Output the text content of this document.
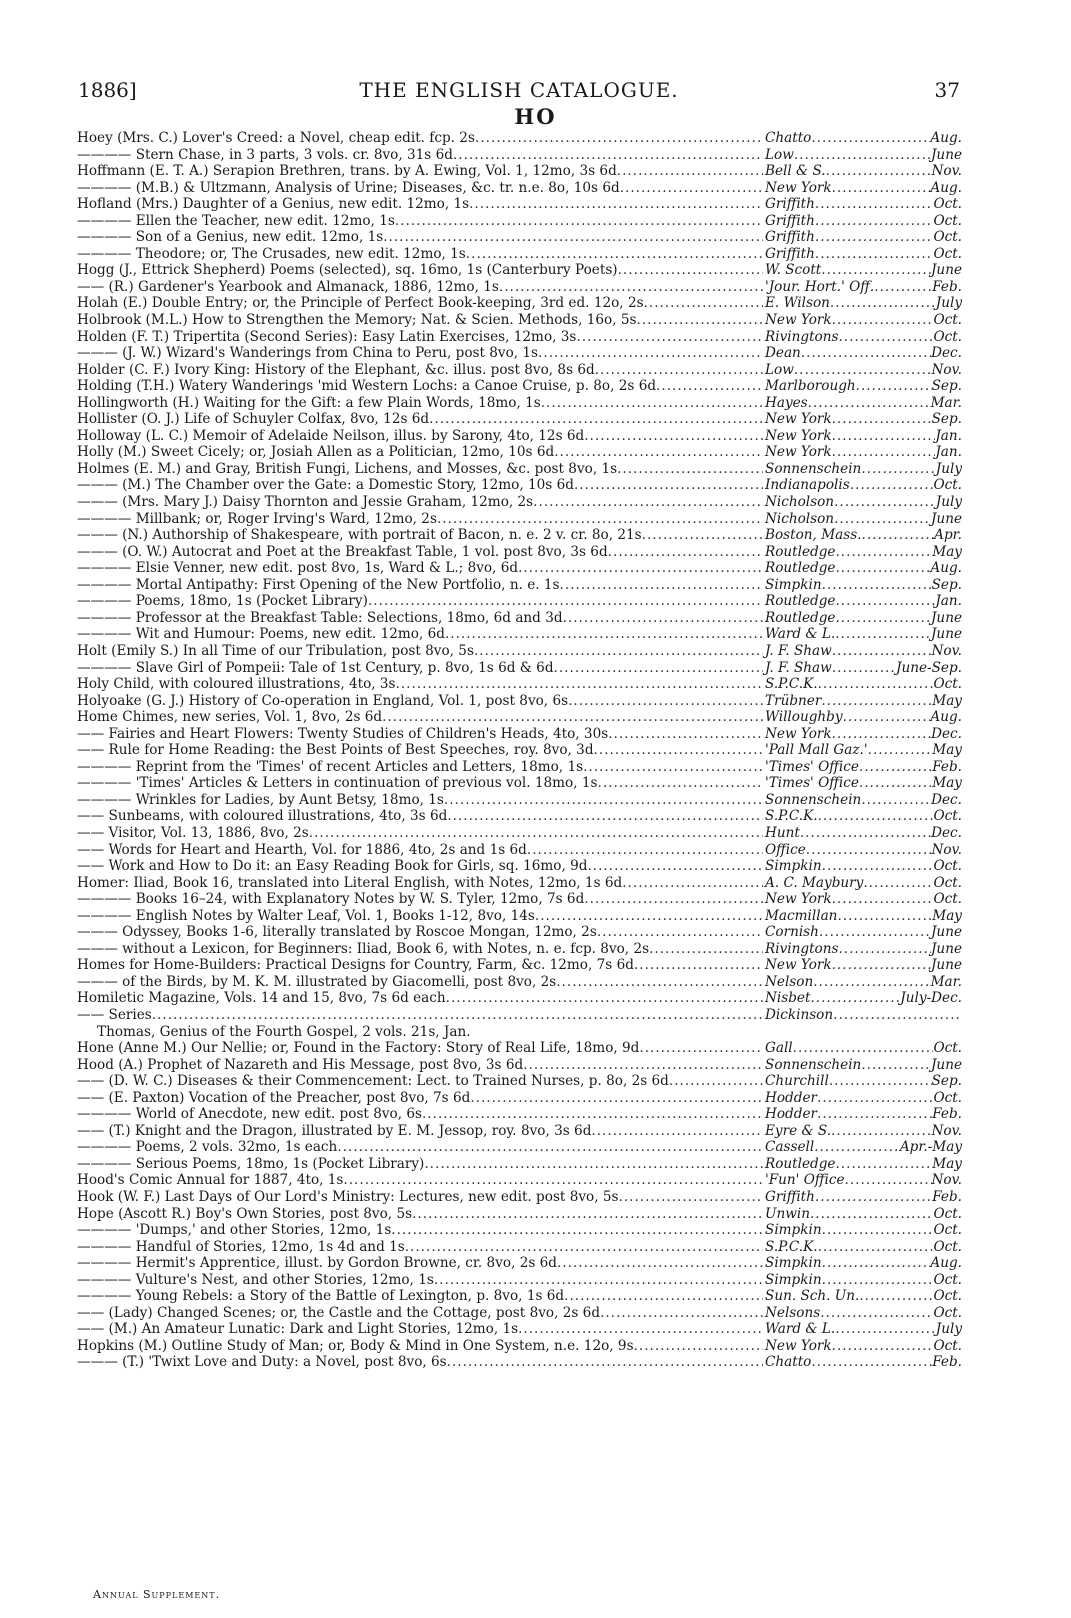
1886]	THE ENGLISH CATALOGUE.	37
HO
Hoey (Mrs. C.) Lover's Creed: a Novel, cheap edit. fcp. 2s .....	Chatto .....	Aug.
———— Stern Chase, in 3 parts, 3 vols. cr. 8vo, 31s 6d .....	Low .....	June
Hoffmann (E. T. A.) Serapion Brethren, trans. by A. Ewing, Vol. 1, 12mo, 3s 6d .....	Bell & S. .....	Nov.
———— (M.B.) & Ultzmann, Analysis of Urine; Diseases, &c. tr. n.e. 8o, 10s 6d .....	New York .....	Aug.
Hofland (Mrs.) Daughter of a Genius, new edit. 12mo, 1s .....	Griffith .....	Oct.
———— Ellen the Teacher, new edit. 12mo, 1s .....	Griffith .....	Oct.
———— Son of a Genius, new edit. 12mo, 1s .....	Griffith .....	Oct.
———— Theodore; or, The Crusades, new edit. 12mo, 1s .....	Griffith .....	Oct.
Hogg (J., Ettrick Shepherd) Poems (selected), sq. 16mo, 1s (Canterbury Poets) .....	W. Scott .....	June
—— (R.) Gardener's Yearbook and Almanack, 1886, 12mo, 1s .....	'Jour. Hort.' Off. .....	Feb.
Holah (E.) Double Entry; or, the Principle of Perfect Book-keeping, 3rd ed. 12o, 2s .....	E. Wilson .....	July
Holbrook (M.L.) How to Strengthen the Memory; Nat. & Scien. Methods, 16o, 5s .....	New York .....	Oct.
Holden (F. T.) Tripertita (Second Series): Easy Latin Exercises, 12mo, 3s .....	Rivingtons .....	Oct.
——— (J. W.) Wizard's Wanderings from China to Peru, post 8vo, 1s .....	Dean .....	Dec.
Holder (C. F.) Ivory King: History of the Elephant, &c. illus. post 8vo, 8s 6d .....	Low .....	Nov.
Holding (T.H.) Watery Wanderings 'mid Western Lochs: a Canoe Cruise, p. 8o, 2s 6d .....	Marlborough .....	Sep.
Hollingworth (H.) Waiting for the Gift: a few Plain Words, 18mo, 1s .....	Hayes .....	Mar.
Hollister (O. J.) Life of Schuyler Colfax, 8vo, 12s 6d .....	New York .....	Sep.
Holloway (L. C.) Memoir of Adelaide Neilson, illus. by Sarony, 4to, 12s 6d .....	New York .....	Jan.
Holly (M.) Sweet Cicely; or, Josiah Allen as a Politician, 12mo, 10s 6d .....	New York .....	Jan.
Holmes (E. M.) and Gray, British Fungi, Lichens, and Mosses, &c. post 8vo, 1s .....	Sonnenschein .....	July
——— (M.) The Chamber over the Gate: a Domestic Story, 12mo, 10s 6d .....	Indianapolis .....	Oct.
——— (Mrs. Mary J.) Daisy Thornton and Jessie Graham, 12mo, 2s .....	Nicholson .....	July
———— Millbank; or, Roger Irving's Ward, 12mo, 2s .....	Nicholson .....	June
——— (N.) Authorship of Shakespeare, with portrait of Bacon, n. e. 2 v. cr. 8o, 21s .....	Boston, Mass. .....	Apr.
——— (O. W.) Autocrat and Poet at the Breakfast Table, 1 vol. post 8vo, 3s 6d .....	Routledge .....	May
———— Elsie Venner, new edit. post 8vo, 1s, Ward & L.; 8vo, 6d .....	Routledge .....	Aug.
———— Mortal Antipathy: First Opening of the New Portfolio, n. e. 1s .....	Simpkin .....	Sep.
———— Poems, 18mo, 1s (Pocket Library) .....	Routledge .....	Jan.
———— Professor at the Breakfast Table: Selections, 18mo, 6d and 3d .....	Routledge .....	June
———— Wit and Humour: Poems, new edit. 12mo, 6d .....	Ward & L. .....	June
Holt (Emily S.) In all Time of our Tribulation, post 8vo, 5s .....	J. F. Shaw .....	Nov.
———— Slave Girl of Pompeii: Tale of 1st Century, p. 8vo, 1s 6d & 6d .....	J. F. Shaw .....	June-Sep.
Holy Child, with coloured illustrations, 4to, 3s .....	S.P.C.K. .....	Oct.
Holyoake (G. J.) History of Co-operation in England, Vol. 1, post 8vo, 6s .....	Trübner .....	May
Home Chimes, new series, Vol. 1, 8vo, 2s 6d .....	Willoughby .....	Aug.
—— Fairies and Heart Flowers: Twenty Studies of Children's Heads, 4to, 30s .....	New York .....	Dec.
—— Rule for Home Reading: the Best Points of Best Speeches, roy. 8vo, 3d .....	'Pall Mall Gaz.' .....	May
———— Reprint from the 'Times' of recent Articles and Letters, 18mo, 1s .....	'Times' Office .....	Feb.
———— 'Times' Articles & Letters in continuation of previous vol. 18mo, 1s .....	'Times' Office .....	May
———— Wrinkles for Ladies, by Aunt Betsy, 18mo, 1s .....	Sonnenschein .....	Dec.
—— Sunbeams, with coloured illustrations, 4to, 3s 6d .....	S.P.C.K. .....	Oct.
—— Visitor, Vol. 13, 1886, 8vo, 2s .....	Hunt .....	Dec.
—— Words for Heart and Hearth, Vol. for 1886, 4to, 2s and 1s 6d .....	Office .....	Nov.
—— Work and How to Do it: an Easy Reading Book for Girls, sq. 16mo, 9d .....	Simpkin .....	Oct.
Homer: Iliad, Book 16, translated into Literal English, with Notes, 12mo, 1s 6d .....	A. C. Maybury .....	Oct.
———— Books 16–24, with Explanatory Notes by W. S. Tyler, 12mo, 7s 6d .....	New York .....	Oct.
———— English Notes by Walter Leaf, Vol. 1, Books 1-12, 8vo, 14s .....	Macmillan .....	May
——— Odyssey, Books 1-6, literally translated by Roscoe Mongan, 12mo, 2s .....	Cornish .....	June
——— without a Lexicon, for Beginners: Iliad, Book 6, with Notes, n. e. fcp. 8vo, 2s .....	Rivingtons .....	June
Homes for Home-Builders: Practical Designs for Country, Farm, &c. 12mo, 7s 6d .....	New York .....	June
——— of the Birds, by M. K. M. illustrated by Giacomelli, post 8vo, 2s .....	Nelson .....	Mar.
Homiletic Magazine, Vols. 14 and 15, 8vo, 7s 6d each .....	Nisbet .....	July-Dec.
—— Series .....	Dickinson
.....
Thomas, Genius of the Fourth Gospel, 2 vols. 21s, Jan.
Hone (Anne M.) Our Nellie; or, Found in the Factory: Story of Real Life, 18mo, 9d .....	Gall .....	Oct.
Hood (A.) Prophet of Nazareth and His Message, post 8vo, 3s 6d .....	Sonnenschein .....	June
—— (D. W. C.) Diseases & their Commencement: Lect. to Trained Nurses, p. 8o, 2s 6d .....	Churchill .....	Sep.
—— (E. Paxton) Vocation of the Preacher, post 8vo, 7s 6d .....	Hodder .....	Oct.
———— World of Anecdote, new edit. post 8vo, 6s .....	Hodder .....	Feb.
—— (T.) Knight and the Dragon, illustrated by E. M. Jessop, roy. 8vo, 3s 6d .....	Eyre & S. .....	Nov.
———— Poems, 2 vols. 32mo, 1s each .....	Cassell .....	Apr.-May
———— Serious Poems, 18mo, 1s (Pocket Library) .....	Routledge .....	May
Hood's Comic Annual for 1887, 4to, 1s .....	'Fun' Office .....	Nov.
Hook (W. F.) Last Days of Our Lord's Ministry: Lectures, new edit. post 8vo, 5s .....	Griffith .....	Feb.
Hope (Ascott R.) Boy's Own Stories, post 8vo, 5s .....	Unwin .....	Oct.
———— 'Dumps,' and other Stories, 12mo, 1s .....	Simpkin .....	Oct.
———— Handful of Stories, 12mo, 1s 4d and 1s .....	S.P.C.K. .....	Oct.
———— Hermit's Apprentice, illust. by Gordon Browne, cr. 8vo, 2s 6d .....	Simpkin .....	Aug.
———— Vulture's Nest, and other Stories, 12mo, 1s .....	Simpkin .....	Oct.
———— Young Rebels: a Story of the Battle of Lexington, p. 8vo, 1s 6d .....	Sun. Sch. Un. .....	Oct.
—— (Lady) Changed Scenes; or, the Castle and the Cottage, post 8vo, 2s 6d .....	Nelsons .....	Oct.
—— (M.) An Amateur Lunatic: Dark and Light Stories, 12mo, 1s .....	Ward & L. .....	July
Hopkins (M.) Outline Study of Man; or, Body & Mind in One System, n.e. 12o, 9s .....	New York .....	Oct.
——— (T.) 'Twixt Love and Duty: a Novel, post 8vo, 6s .....	Chatto .....	Feb.
Annual Supplement.
